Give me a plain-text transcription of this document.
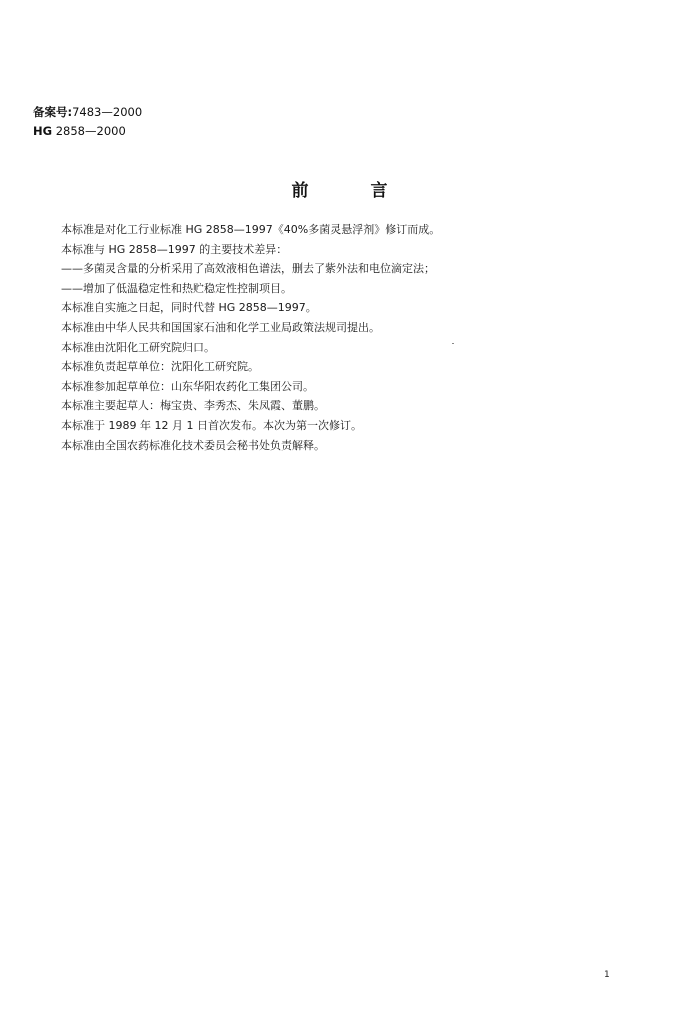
备案号:7483—2000
HG 2858—2000
前言
本标准是对化工行业标准 HG 2858—1997《40%多菌灵悬浮剂》修订而成。
本标准与 HG 2858—1997 的主要技术差异：
——多菌灵含量的分析采用了高效液相色谱法，删去了紫外法和电位滴定法；
——增加了低温稳定性和热贮稳定性控制项目。
本标准自实施之日起，同时代替 HG 2858—1997。
本标准由中华人民共和国国家石油和化学工业局政策法规司提出。
本标准由沈阳化工研究院归口。
本标准负责起草单位：沈阳化工研究院。
本标准参加起草单位：山东华阳农药化工集团公司。
本标准主要起草人：梅宝贵、李秀杰、朱凤霞、董鹏。
本标准于 1989 年 12 月 1 日首次发布。本次为第一次修订。
本标准由全国农药标准化技术委员会秘书处负责解释。
1
